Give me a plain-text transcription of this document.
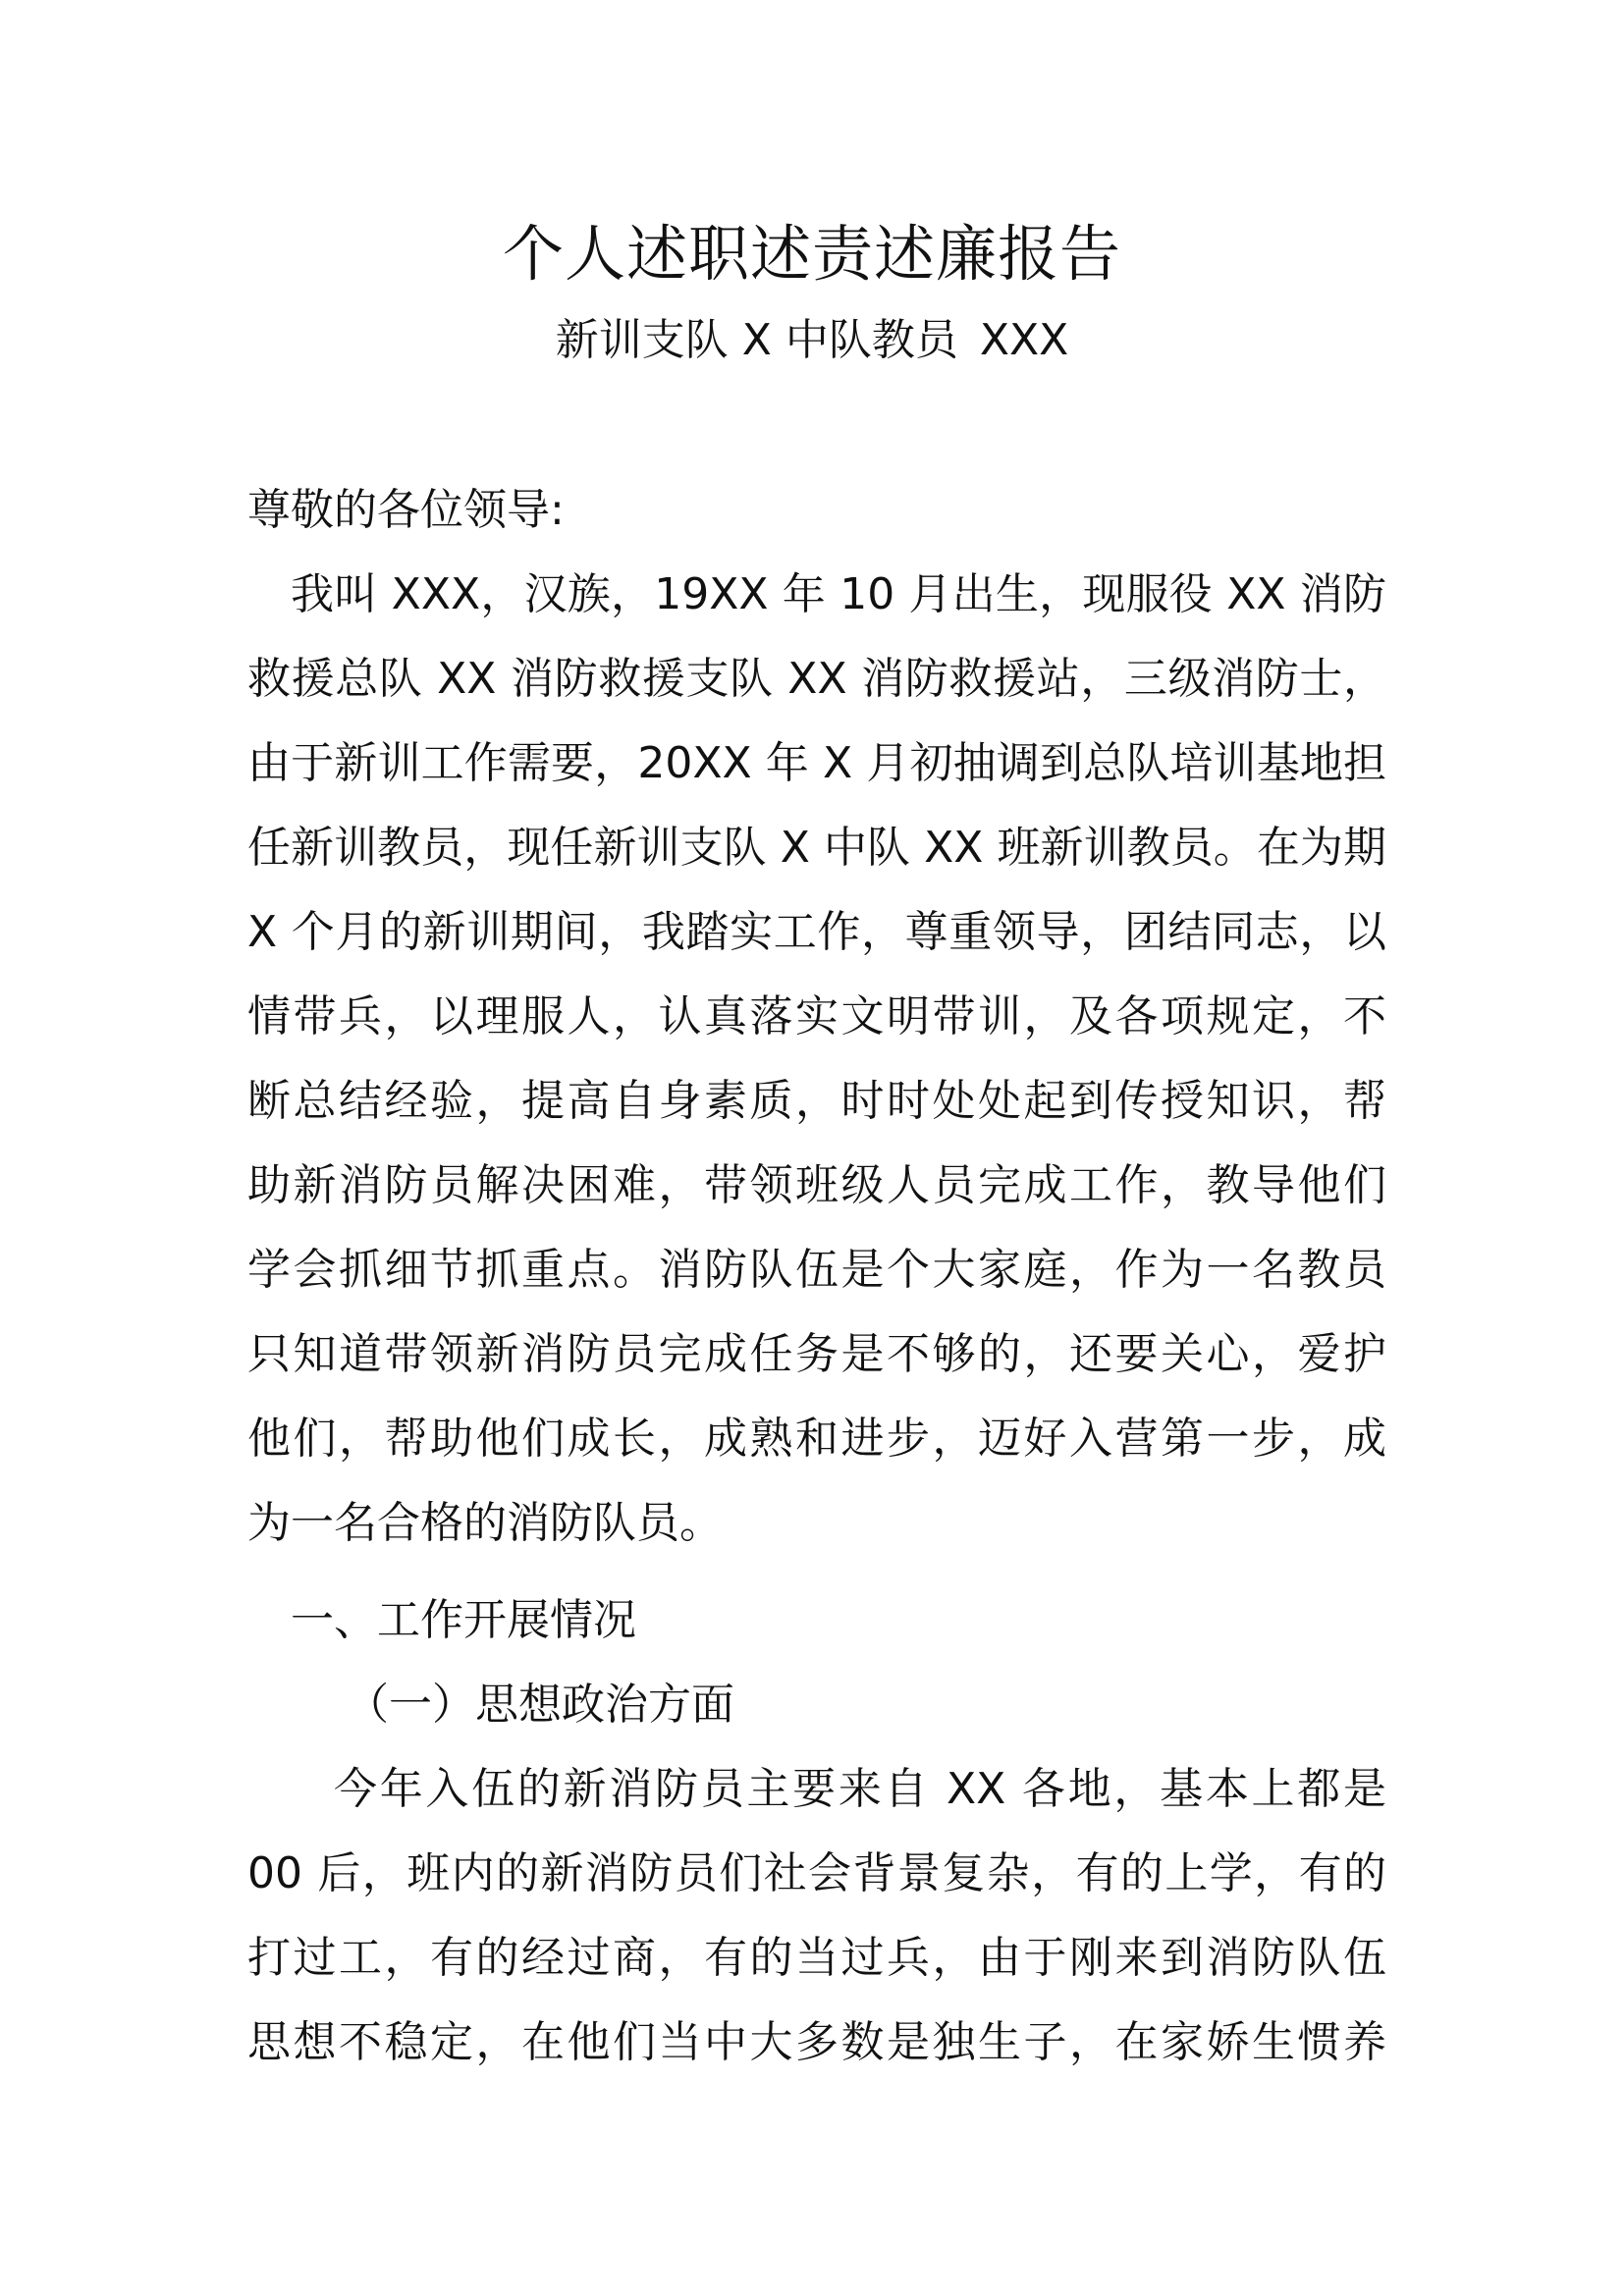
个人述职述责述廉报告

新训支队 X 中队教员 XXX

尊敬的各位领导:

我叫 XXX，汉族，19XX 年 10 月出生，现服役 XX 消防
救援总队 XX 消防救援支队 XX 消防救援站，三级消防士，
由于新训工作需要，20XX 年 X 月初抽调到总队培训基地担
任新训教员，现任新训支队 X 中队 XX 班新训教员。在为期
X 个月的新训期间，我踏实工作，尊重领导，团结同志，以
情带兵，以理服人，认真落实文明带训，及各项规定，不
断总结经验，提高自身素质，时时处处起到传授知识，帮
助新消防员解决困难，带领班级人员完成工作，教导他们
学会抓细节抓重点。消防队伍是个大家庭，作为一名教员
只知道带领新消防员完成任务是不够的，还要关心，爱护
他们，帮助他们成长，成熟和进步，迈好入营第一步，成
为一名合格的消防队员。

一、工作开展情况

（一）思想政治方面

今年入伍的新消防员主要来自 XX 各地，基本上都是
00 后，班内的新消防员们社会背景复杂，有的上学，有的
打过工，有的经过商，有的当过兵，由于刚来到消防队伍
思想不稳定，在他们当中大多数是独生子，在家娇生惯养
